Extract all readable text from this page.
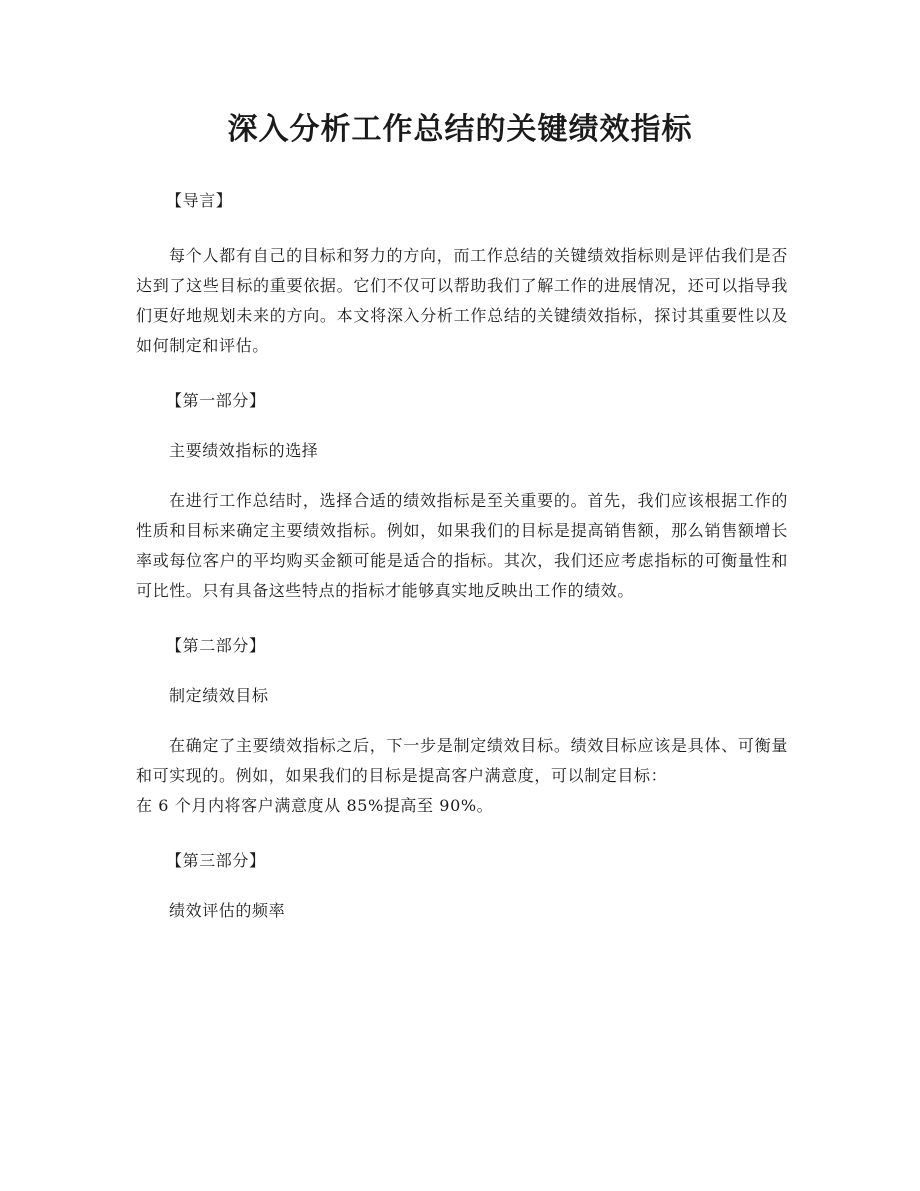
深入分析工作总结的关键绩效指标

【导言】

每个人都有自己的目标和努力的方向，而工作总结的关键绩效指标则是评估我们是否达到了这些目标的重要依据。它们不仅可以帮助我们了解工作的进展情况，还可以指导我们更好地规划未来的方向。本文将深入分析工作总结的关键绩效指标，探讨其重要性以及如何制定和评估。

【第一部分】

主要绩效指标的选择

在进行工作总结时，选择合适的绩效指标是至关重要的。首先，我们应该根据工作的性质和目标来确定主要绩效指标。例如，如果我们的目标是提高销售额，那么销售额增长率或每位客户的平均购买金额可能是适合的指标。其次，我们还应考虑指标的可衡量性和可比性。只有具备这些特点的指标才能够真实地反映出工作的绩效。

【第二部分】

制定绩效目标

在确定了主要绩效指标之后，下一步是制定绩效目标。绩效目标应该是具体、可衡量和可实现的。例如，如果我们的目标是提高客户满意度，可以制定目标：

在 6 个月内将客户满意度从 85%提高至 90%。

【第三部分】

绩效评估的频率
